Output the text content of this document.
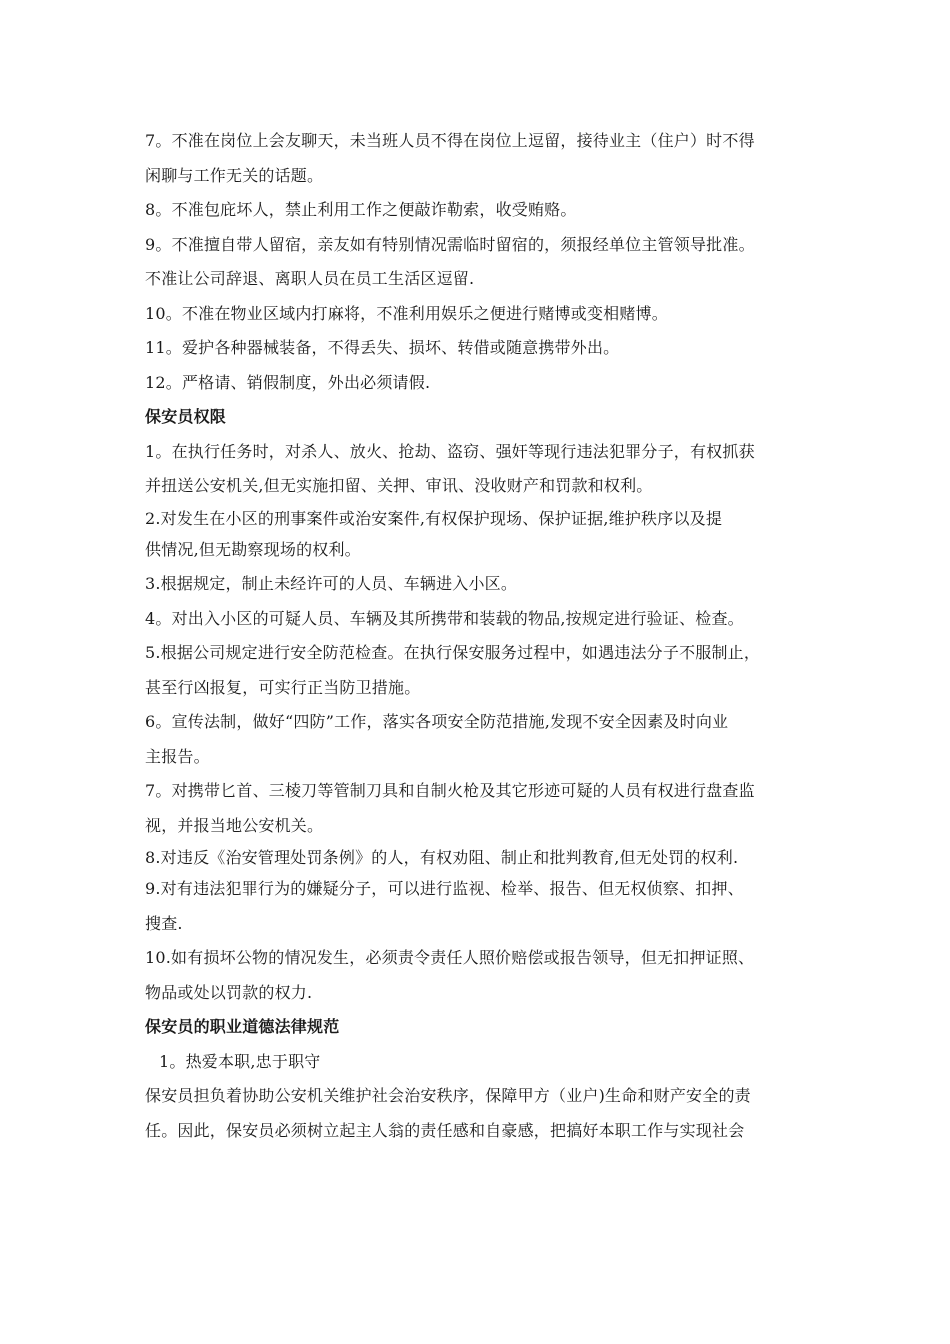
7。不准在岗位上会友聊天，未当班人员不得在岗位上逗留，接待业主（住户）时不得
闲聊与工作无关的话题。
8。不准包庇坏人，禁止利用工作之便敲诈勒索，收受贿赂。
9。不准擅自带人留宿，亲友如有特别情况需临时留宿的，须报经单位主管领导批准。
不准让公司辞退、离职人员在员工生活区逗留.
10。不准在物业区域内打麻将，不准利用娱乐之便进行赌博或变相赌博。
11。爱护各种器械装备，不得丢失、损坏、转借或随意携带外出。
12。严格请、销假制度，外出必须请假.
保安员权限
1。在执行任务时，对杀人、放火、抢劫、盗窃、强奸等现行违法犯罪分子，有权抓获
并扭送公安机关,但无实施扣留、关押、审讯、没收财产和罚款和权利。
2.对发生在小区的刑事案件或治安案件,有权保护现场、保护证据,维护秩序以及提
供情况,但无勘察现场的权利。
3.根据规定，制止未经许可的人员、车辆进入小区。
4。对出入小区的可疑人员、车辆及其所携带和装载的物品,按规定进行验证、检查。
5.根据公司规定进行安全防范检查。在执行保安服务过程中，如遇违法分子不服制止，
甚至行凶报复，可实行正当防卫措施。
6。宣传法制，做好“四防”工作，落实各项安全防范措施,发现不安全因素及时向业
主报告。
7。对携带匕首、三棱刀等管制刀具和自制火枪及其它形迹可疑的人员有权进行盘查监
视，并报当地公安机关。
8.对违反《治安管理处罚条例》的人，有权劝阻、制止和批判教育,但无处罚的权利.
9.对有违法犯罪行为的嫌疑分子，可以进行监视、检举、报告、但无权侦察、扣押、
搜查.
10.如有损坏公物的情况发生，必须责令责任人照价赔偿或报告领导，但无扣押证照、
物品或处以罚款的权力.
保安员的职业道德法律规范
1。热爱本职,忠于职守
保安员担负着协助公安机关维护社会治安秩序，保障甲方（业户)生命和财产安全的责
任。因此，保安员必须树立起主人翁的责任感和自豪感，把搞好本职工作与实现社会
